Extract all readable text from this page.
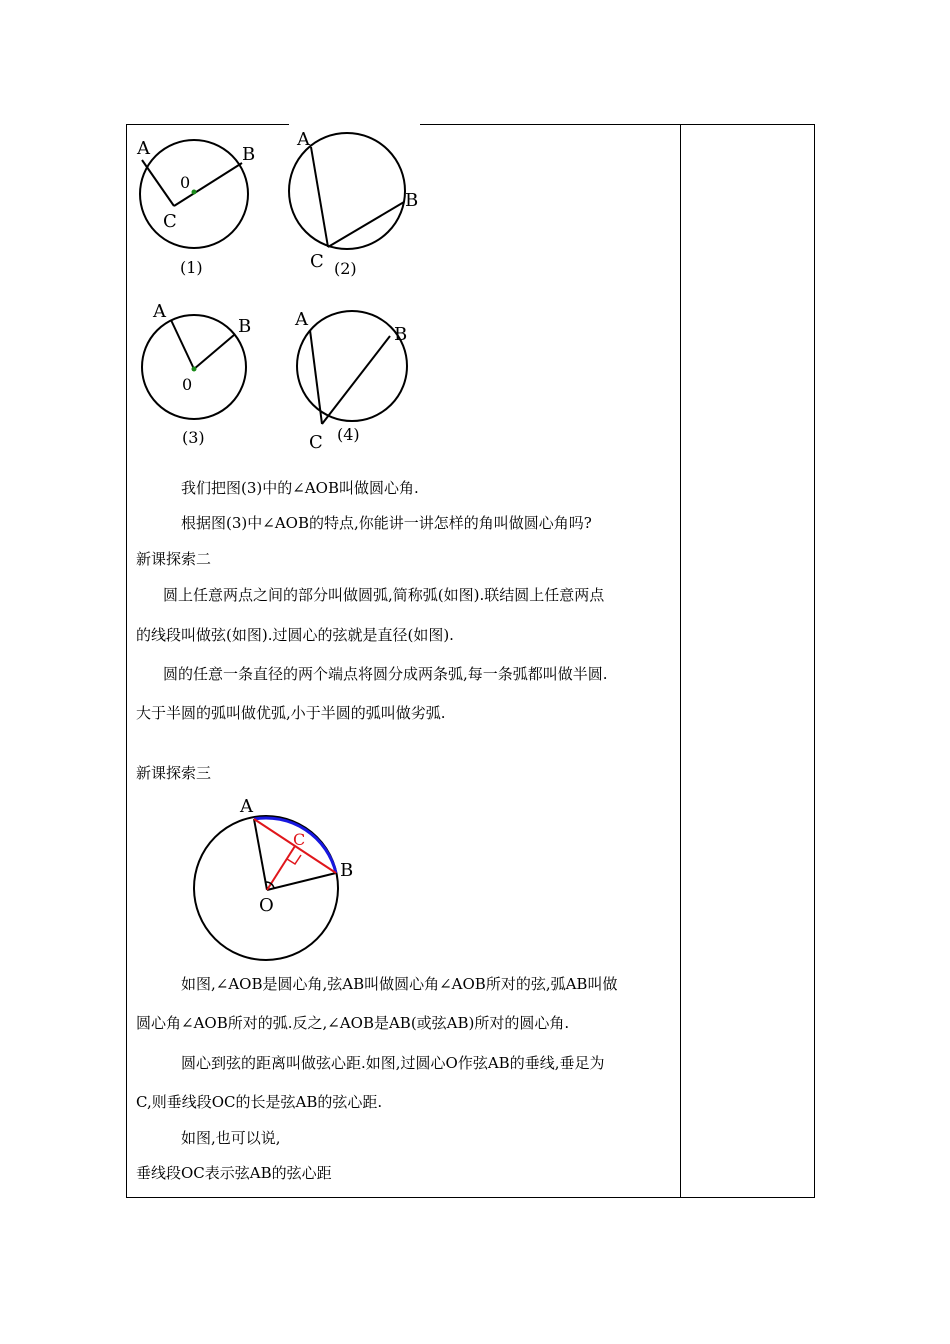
A	B
0
C
(1)
A
B
C (2)
A
B
0
(3)
A
B
C (4)
我们把图(3)中的∠AOB叫做圆心角.
根据图(3)中∠AOB的特点,你能讲一讲怎样的角叫做圆心角吗?
新课探索二
圆上任意两点之间的部分叫做圆弧,简称弧(如图).联结圆上任意两点
的线段叫做弦(如图).过圆心的弦就是直径(如图).
圆的任意一条直径的两个端点将圆分成两条弧,每一条弧都叫做半圆.
大于半圆的弧叫做优弧,小于半圆的弧叫做劣弧.
新课探索三
A
B
C
O
如图,∠AOB是圆心角,弦AB叫做圆心角∠AOB所对的弦,弧AB叫做
圆心角∠AOB所对的弧.反之,∠AOB是AB(或弦AB)所对的圆心角.
圆心到弦的距离叫做弦心距.如图,过圆心O作弦AB的垂线,垂足为
C,则垂线段OC的长是弦AB的弦心距.
如图,也可以说,
垂线段OC表示弦AB的弦心距
